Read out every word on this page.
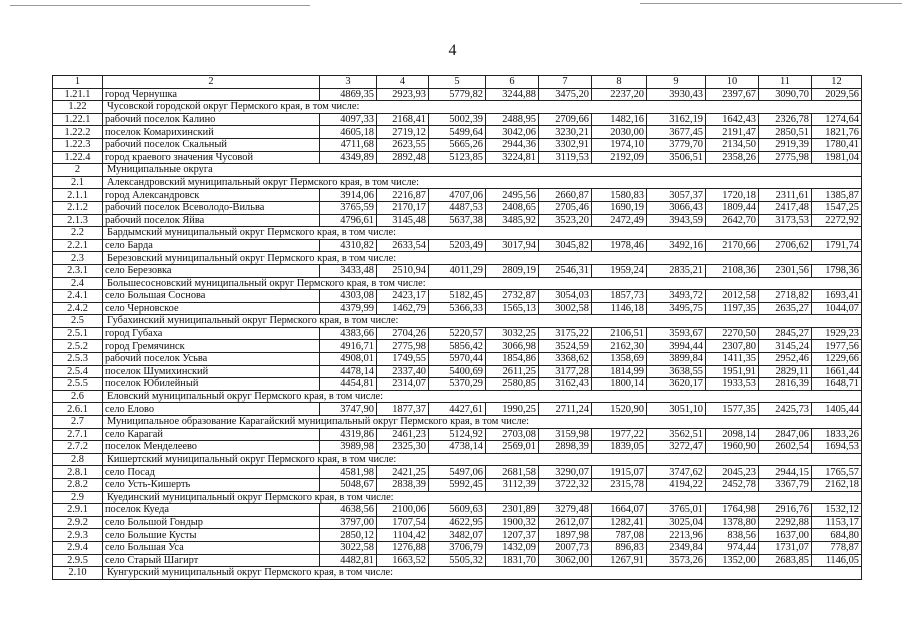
4
1	2	3	4	5	6	7	8	9	10	11	12
1.21.1	город Чернушка	4869,35	2923,93	5779,82	3244,88	3475,20	2237,20	3930,43	2397,67	3090,70	2029,56
1.22	Чусовской городской округ Пермского края, в том числе:										
1.22.1	рабочий поселок Калино	4097,33	2168,41	5002,39	2488,95	2709,66	1482,16	3162,19	1642,43	2326,78	1274,64
1.22.2	поселок Комарихинский	4605,18	2719,12	5499,64	3042,06	3230,21	2030,00	3677,45	2191,47	2850,51	1821,76
1.22.3	рабочий поселок Скальный	4711,68	2623,55	5665,26	2944,36	3302,91	1974,10	3779,70	2134,50	2919,39	1780,41
1.22.4	город краевого значения Чусовой	4349,89	2892,48	5123,85	3224,81	3119,53	2192,09	3506,51	2358,26	2775,98	1981,04
2	Муниципальные округа										
2.1	Александровский муниципальный округ Пермского края, в том числе:										
2.1.1	город Александровск	3914,06	2216,87	4707,06	2495,56	2660,87	1580,83	3057,37	1720,18	2311,61	1385,87
2.1.2	рабочий поселок Всеволодо-Вильва	3765,59	2170,17	4487,53	2408,65	2705,46	1690,19	3066,43	1809,44	2417,48	1547,25
2.1.3	рабочий поселок Яйва	4796,61	3145,48	5637,38	3485,92	3523,20	2472,49	3943,59	2642,70	3173,53	2272,92
2.2	Бардымский муниципальный округ Пермского края, в том числе:										
2.2.1	село Барда	4310,82	2633,54	5203,49	3017,94	3045,82	1978,46	3492,16	2170,66	2706,62	1791,74
2.3	Березовский муниципальный округ Пермского края, в том числе:										
2.3.1	село Березовка	3433,48	2510,94	4011,29	2809,19	2546,31	1959,24	2835,21	2108,36	2301,56	1798,36
2.4	Большесосновский муниципальный округ Пермского края, в том числе:										
2.4.1	село Большая Соснова	4303,08	2423,17	5182,45	2732,87	3054,03	1857,73	3493,72	2012,58	2718,82	1693,41
2.4.2	село Черновское	4379,99	1462,79	5366,33	1565,13	3002,58	1146,18	3495,75	1197,35	2635,27	1044,07
2.5	Губахинский муниципальный округ Пермского края, в том числе:										
2.5.1	город Губаха	4383,66	2704,26	5220,57	3032,25	3175,22	2106,51	3593,67	2270,50	2845,27	1929,23
2.5.2	город Гремячинск	4916,71	2775,98	5856,42	3066,98	3524,59	2162,30	3994,44	2307,80	3145,24	1977,56
2.5.3	рабочий поселок Усьва	4908,01	1749,55	5970,44	1854,86	3368,62	1358,69	3899,84	1411,35	2952,46	1229,66
2.5.4	поселок Шумихинский	4478,14	2337,40	5400,69	2611,25	3177,28	1814,99	3638,55	1951,91	2829,11	1661,44
2.5.5	поселок Юбилейный	4454,81	2314,07	5370,29	2580,85	3162,43	1800,14	3620,17	1933,53	2816,39	1648,71
2.6	Еловский муниципальный округ Пермского края, в том числе:										
2.6.1	село Елово	3747,90	1877,37	4427,61	1990,25	2711,24	1520,90	3051,10	1577,35	2425,73	1405,44
2.7	Муниципальное образование Карагайский муниципальный округ Пермского края, в том числе:										
2.7.1	село Карагай	4319,86	2461,23	5124,92	2703,08	3159,98	1977,22	3562,51	2098,14	2847,06	1833,26
2.7.2	поселок Менделеево	3989,98	2325,30	4738,14	2569,01	2898,39	1839,05	3272,47	1960,90	2602,54	1694,53
2.8	Кишертский муниципальный округ Пермского края, в том числе:										
2.8.1	село Посад	4581,98	2421,25	5497,06	2681,58	3290,07	1915,07	3747,62	2045,23	2944,15	1765,57
2.8.2	село Усть-Кишерть	5048,67	2838,39	5992,45	3112,39	3722,32	2315,78	4194,22	2452,78	3367,79	2162,18
2.9	Куединский муниципальный округ Пермского края, в том числе:										
2.9.1	поселок Куеда	4638,56	2100,06	5609,63	2301,89	3279,48	1664,07	3765,01	1764,98	2916,76	1532,12
2.9.2	село Большой Гондыр	3797,00	1707,54	4622,95	1900,32	2612,07	1282,41	3025,04	1378,80	2292,88	1153,17
2.9.3	село Большие Кусты	2850,12	1104,42	3482,07	1207,37	1897,98	787,08	2213,96	838,56	1637,00	684,80
2.9.4	село Большая Уса	3022,58	1276,88	3706,79	1432,09	2007,73	896,83	2349,84	974,44	1731,07	778,87
2.9.5	село Старый Шагирт	4482,81	1663,52	5505,32	1831,70	3062,00	1267,91	3573,26	1352,00	2683,85	1146,05
2.10	Кунгурский муниципальный округ Пермского края, в том числе:										
